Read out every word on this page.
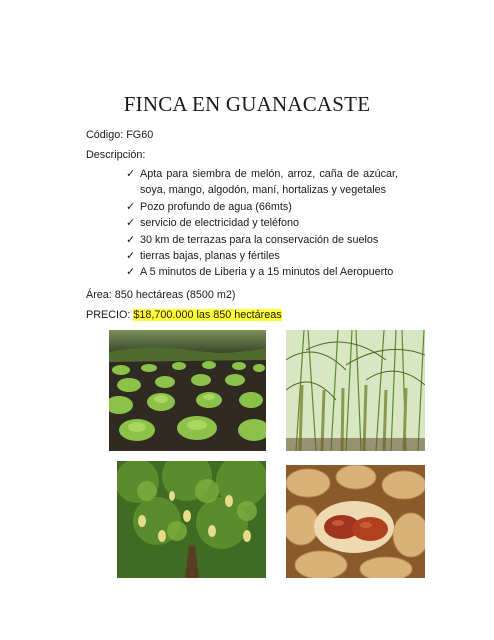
FINCA EN GUANACASTE
Código: FG60
Descripción:
✓ Apta para siembra de melón, arroz, caña de azúcar, soya, mango, algodón, maní, hortalizas y vegetales
✓ Pozo profundo de agua (66mts)
✓ servicio de electricidad y teléfono
✓ 30 km de terrazas para la conservación de suelos
✓ tierras bajas, planas y fértiles
✓ A 5 minutos de Liberia y a 15 minutos del Aeropuerto
Área: 850 hectáreas (8500 m2)
PRECIO: $18,700.000 las 850 hectáreas
